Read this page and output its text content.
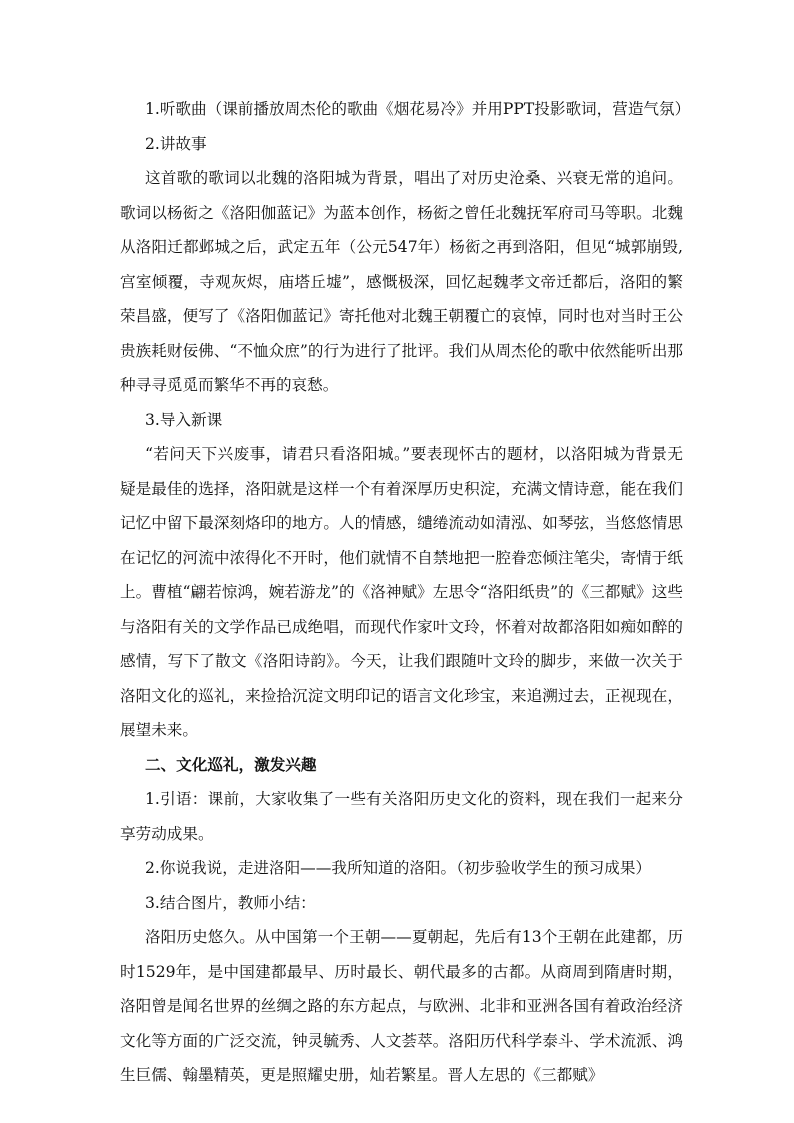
1.听歌曲（课前播放周杰伦的歌曲《烟花易冷》并用PPT投影歌词，营造气氛）

2.讲故事

这首歌的歌词以北魏的洛阳城为背景，唱出了对历史沧桑、兴衰无常的追问。歌词以杨衒之《洛阳伽蓝记》为蓝本创作，杨衒之曾任北魏抚军府司马等职。北魏从洛阳迁都邺城之后，武定五年（公元547年）杨衒之再到洛阳，但见“城郭崩毁,宫室倾覆，寺观灰烬，庙塔丘墟”，感慨极深，回忆起魏孝文帝迁都后，洛阳的繁荣昌盛，便写了《洛阳伽蓝记》寄托他对北魏王朝覆亡的哀悼，同时也对当时王公贵族耗财佞佛、“不恤众庶”的行为进行了批评。我们从周杰伦的歌中依然能听出那种寻寻觅觅而繁华不再的哀愁。

3.导入新课

“若问天下兴废事，请君只看洛阳城。”要表现怀古的题材，以洛阳城为背景无疑是最佳的选择，洛阳就是这样一个有着深厚历史积淀，充满文情诗意，能在我们记忆中留下最深刻烙印的地方。人的情感，缱绻流动如清泓、如琴弦，当悠悠情思在记忆的河流中浓得化不开时，他们就情不自禁地把一腔眷恋倾注笔尖，寄情于纸上。曹植“翩若惊鸿，婉若游龙”的《洛神赋》左思令“洛阳纸贵”的《三都赋》这些与洛阳有关的文学作品已成绝唱，而现代作家叶文玲，怀着对故都洛阳如痴如醉的感情，写下了散文《洛阳诗韵》。今天，让我们跟随叶文玲的脚步，来做一次关于洛阳文化的巡礼，来捡拾沉淀文明印记的语言文化珍宝，来追溯过去，正视现在，展望未来。

二、文化巡礼，激发兴趣

1.引语：课前，大家收集了一些有关洛阳历史文化的资料，现在我们一起来分享劳动成果。

2.你说我说，走进洛阳——我所知道的洛阳。（初步验收学生的预习成果）

3.结合图片，教师小结：

洛阳历史悠久。从中国第一个王朝——夏朝起，先后有13个王朝在此建都，历时1529年，是中国建都最早、历时最长、朝代最多的古都。从商周到隋唐时期，洛阳曾是闻名世界的丝绸之路的东方起点，与欧洲、北非和亚洲各国有着政治经济文化等方面的广泛交流，钟灵毓秀、人文荟萃。洛阳历代科学泰斗、学术流派、鸿生巨儒、翰墨精英，更是照耀史册，灿若繁星。晋人左思的《三都赋》
